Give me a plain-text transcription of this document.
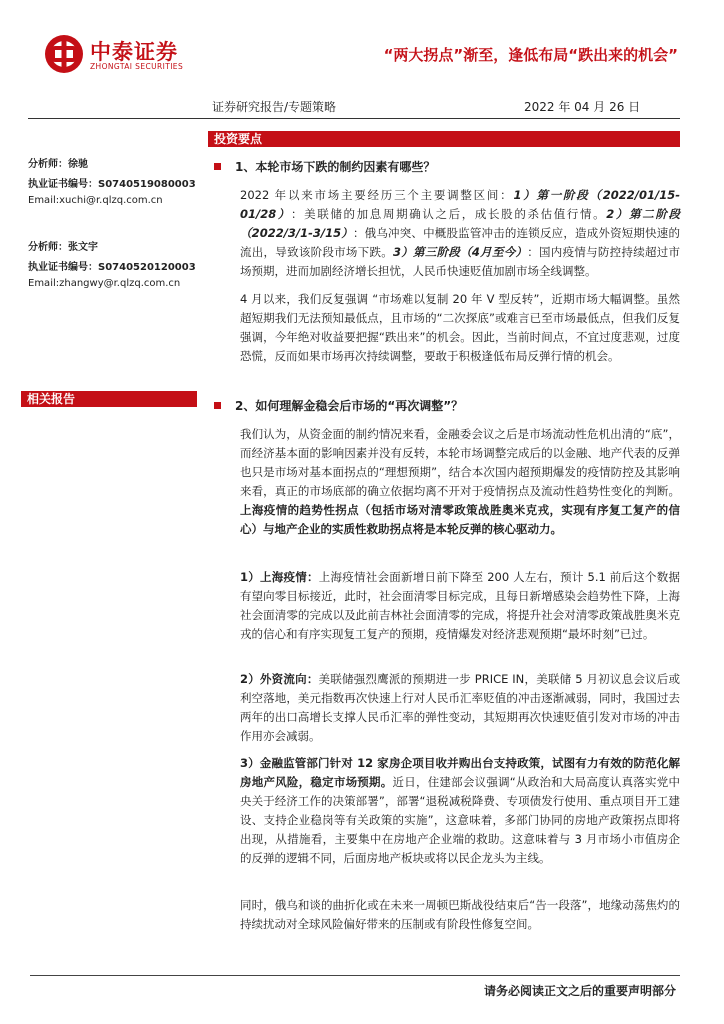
中泰证券
ZHONGTAI SECURITIES
“两大拐点”渐至，逢低布局“跌出来的机会”
证券研究报告/专题策略	2022 年 04 月 26 日
分析师：徐驰
执业证书编号：S0740519080003
Email:xuchi@r.qlzq.com.cn
分析师：张文宇
执业证书编号：S0740520120003
Email:zhangwy@r.qlzq.com.cn
相关报告
投资要点
1、本轮市场下跌的制约因素有哪些？
2022 年以来市场主要经历三个主要调整区间：1）第一阶段（2022/01/15-01/28）：美联储的加息周期确认之后，成长股的杀估值行情。2）第二阶段（2022/3/1-3/15）：俄乌冲突、中概股监管冲击的连锁反应，造成外资短期快速的流出，导致该阶段市场下跌。3）第三阶段（4月至今）：国内疫情与防控持续超过市场预期，进而加剧经济增长担忧，人民币快速贬值加剧市场全线调整。
4 月以来，我们反复强调 “市场难以复制 20 年 V 型反转”，近期市场大幅调整。虽然超短期我们无法预知最低点，且市场的“二次探底”或难言已至市场最低点，但我们反复强调，今年绝对收益要把握“跌出来”的机会。因此，当前时间点，不宜过度悲观，过度恐慌，反而如果市场再次持续调整，要敢于积极逢低布局反弹行情的机会。
2、如何理解金稳会后市场的“再次调整”？
我们认为，从资金面的制约情况来看，金融委会议之后是市场流动性危机出清的“底”，而经济基本面的影响因素并没有反转，本轮市场调整完成后的以金融、地产代表的反弹也只是市场对基本面拐点的“理想预期”，结合本次国内超预期爆发的疫情防控及其影响来看，真正的市场底部的确立依据均离不开对于疫情拐点及流动性趋势性变化的判断。上海疫情的趋势性拐点（包括市场对清零政策战胜奥米克戎，实现有序复工复产的信心）与地产企业的实质性救助拐点将是本轮反弹的核心驱动力。
1）上海疫情：上海疫情社会面新增日前下降至 200 人左右，预计 5.1 前后这个数据有望向零目标接近，此时，社会面清零目标完成，且每日新增感染会趋势性下降，上海社会面清零的完成以及此前吉林社会面清零的完成，将提升社会对清零政策战胜奥米克戎的信心和有序实现复工复产的预期，疫情爆发对经济悲观预期“最坏时刻”已过。
2）外资流向：美联储强烈鹰派的预期进一步 PRICE IN，美联储 5 月初议息会议后或利空落地，美元指数再次快速上行对人民币汇率贬值的冲击逐渐减弱，同时，我国过去两年的出口高增长支撑人民币汇率的弹性变动，其短期再次快速贬值引发对市场的冲击作用亦会减弱。
3）金融监管部门针对 12 家房企项目收并购出台支持政策，试图有力有效的防范化解房地产风险，稳定市场预期。近日，住建部会议强调“从政治和大局高度认真落实党中央关于经济工作的决策部署”，部署“退税减税降费、专项债发行使用、重点项目开工建设、支持企业稳岗等有关政策的实施”，这意味着，多部门协同的房地产政策拐点即将出现，从措施看，主要集中在房地产企业端的救助。这意味着与 3 月市场小市值房企的反弹的逻辑不同，后面房地产板块或将以民企龙头为主线。
同时，俄乌和谈的曲折化或在未来一周顿巴斯战役结束后“告一段落”，地缘动荡焦灼的持续扰动对全球风险偏好带来的压制或有阶段性修复空间。
请务必阅读正文之后的重要声明部分
